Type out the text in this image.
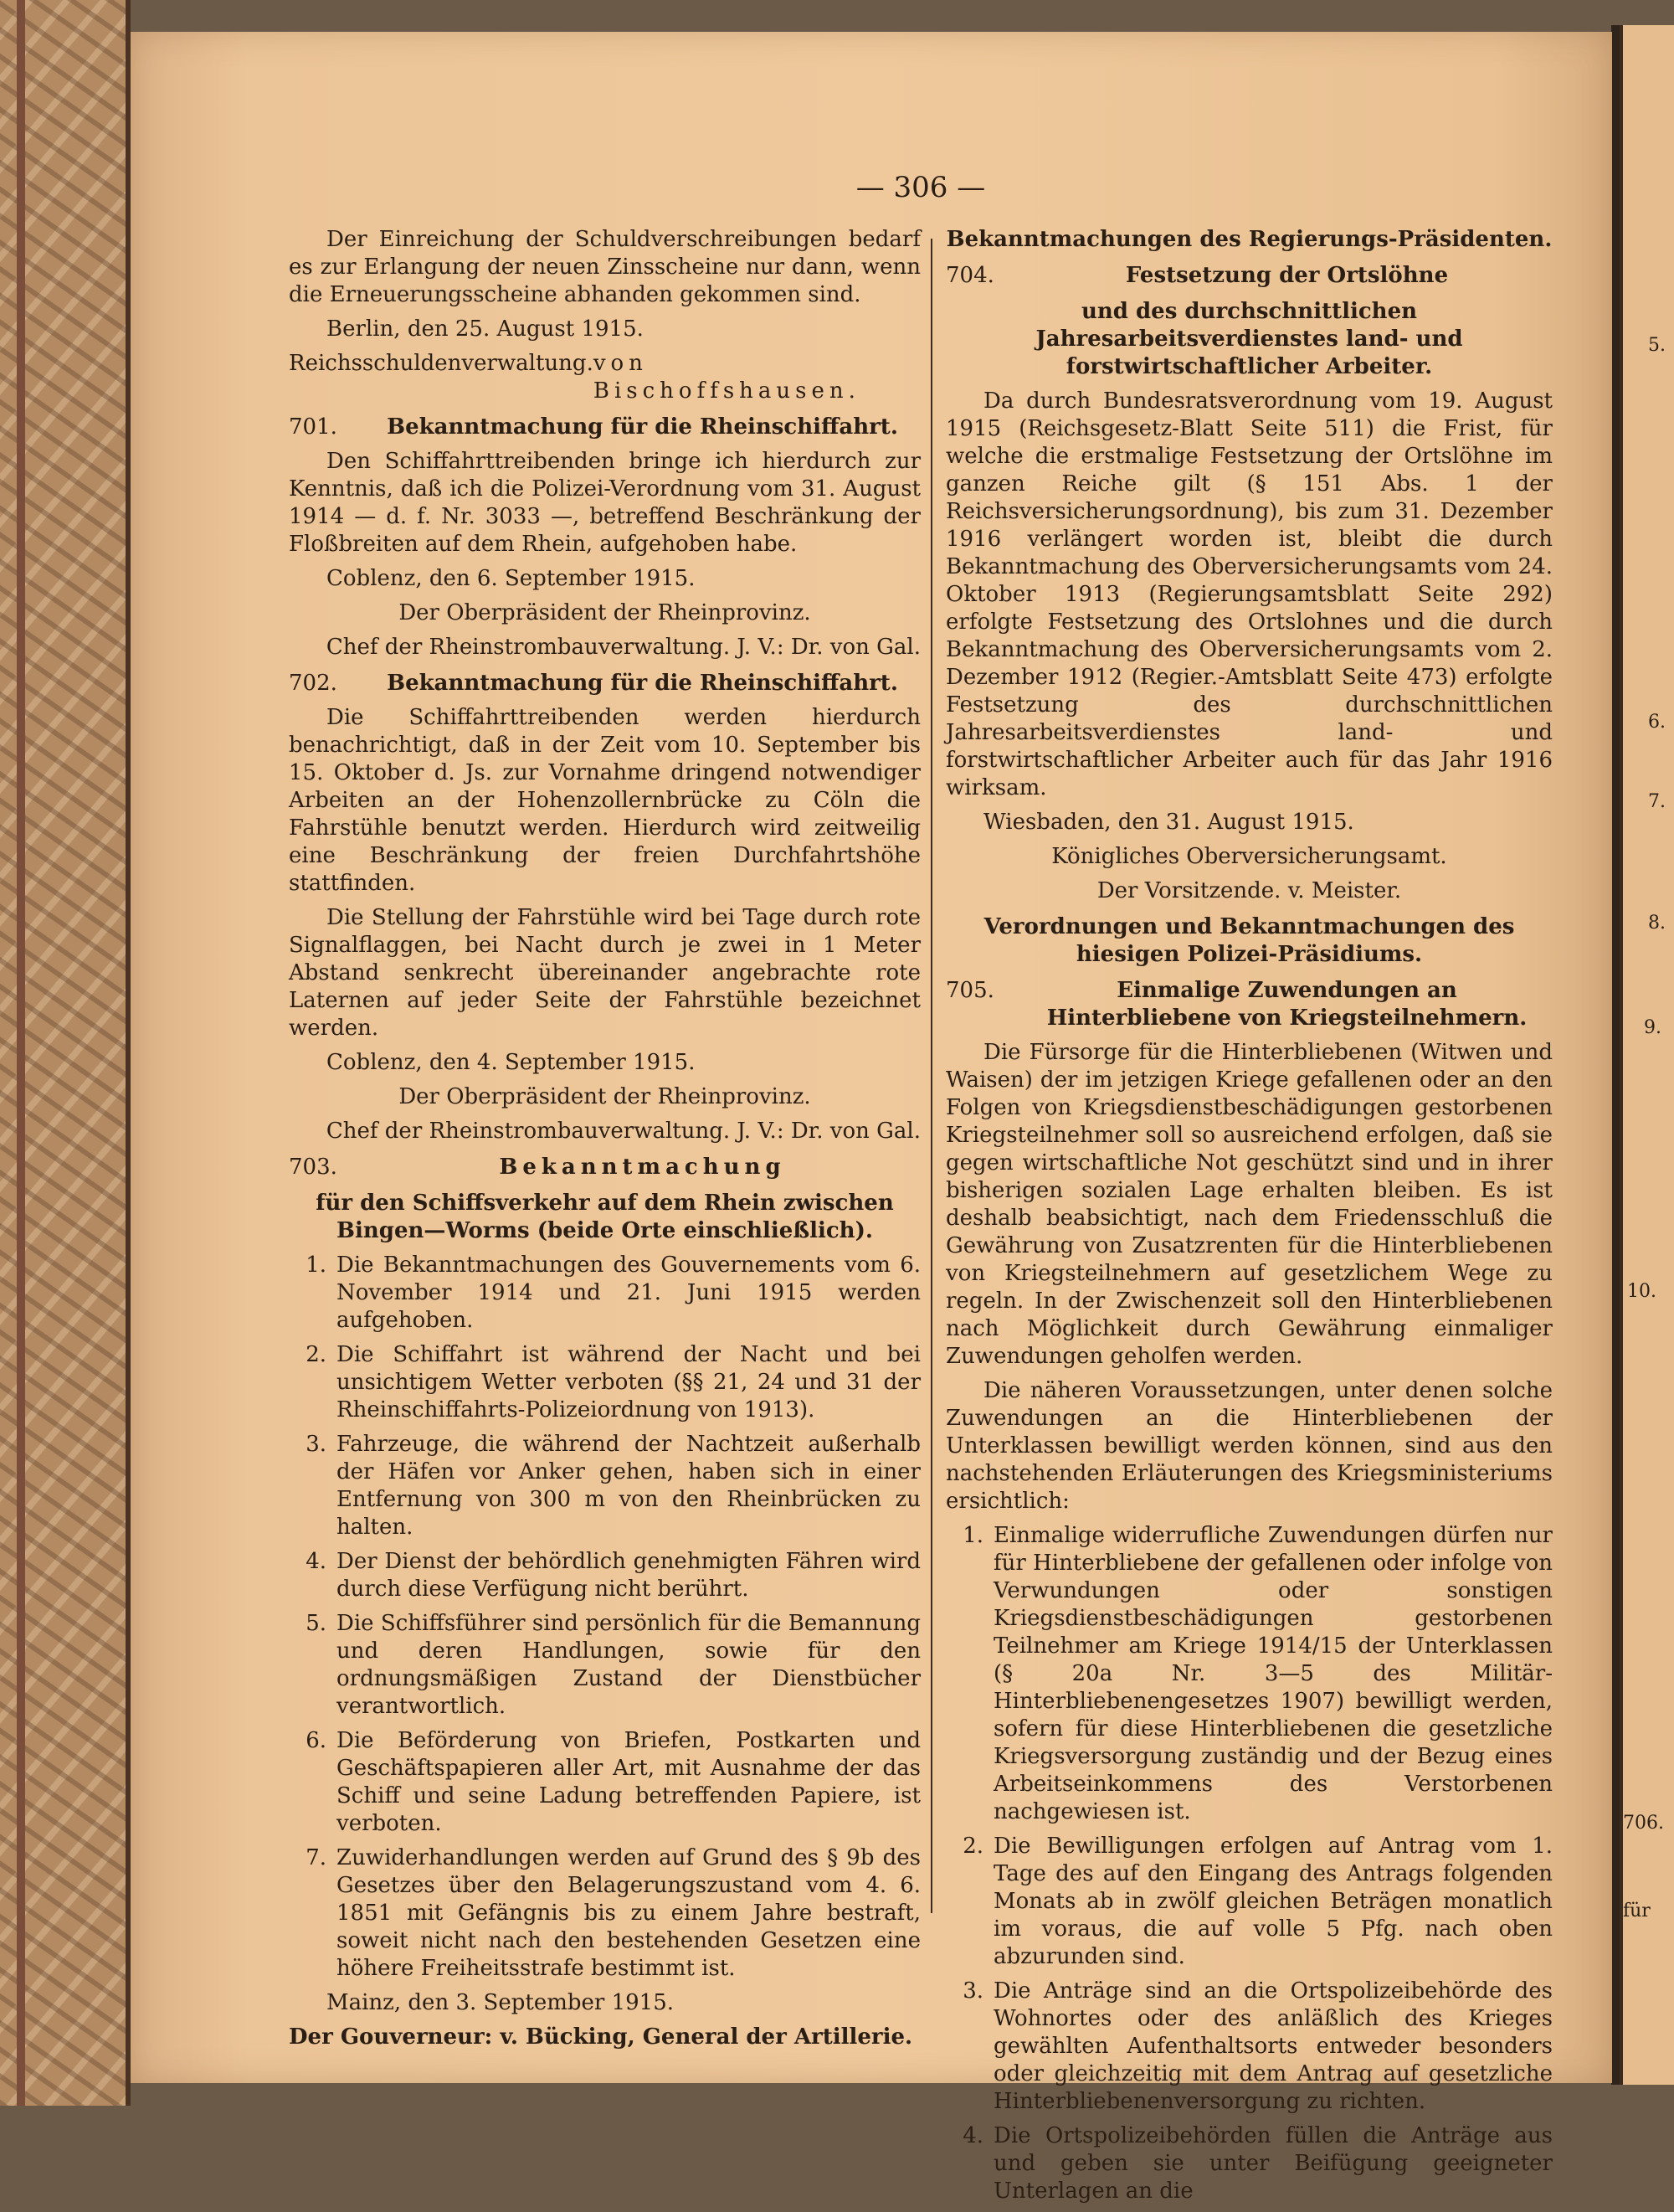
5.
6.
7.
8.
9.
10.
706.
für
— 306 —

Der Einreichung der Schuldverschreibungen bedarf es zur Erlangung der neuen Zinsscheine nur dann, wenn die Erneuerungsscheine abhanden gekommen sind.

Berlin, den 25. August 1915.

Reichsschuldenverwaltung. von Bischoffshausen.
701.	Bekanntmachung für die Rheinschiffahrt.

Den Schiffahrttreibenden bringe ich hierdurch zur Kenntnis, daß ich die Polizei-Verordnung vom 31. August 1914 — d. f. Nr. 3033 —, betreffend Beschränkung der Floßbreiten auf dem Rhein, aufgehoben habe.

Coblenz, den 6. September 1915.

Der Oberpräsident der Rheinprovinz.

Chef der Rheinstrombauverwaltung. J. V.: Dr. von Gal.

702.	Bekanntmachung für die Rheinschiffahrt.

Die Schiffahrttreibenden werden hierdurch benachrichtigt, daß in der Zeit vom 10. September bis 15. Oktober d. Js. zur Vornahme dringend notwendiger Arbeiten an der Hohenzollernbrücke zu Cöln die Fahrstühle benutzt werden. Hierdurch wird zeitweilig eine Beschränkung der freien Durchfahrtshöhe stattfinden.

Die Stellung der Fahrstühle wird bei Tage durch rote Signalflaggen, bei Nacht durch je zwei in 1 Meter Abstand senkrecht übereinander angebrachte rote Laternen auf jeder Seite der Fahrstühle bezeichnet werden.

Coblenz, den 4. September 1915.

Der Oberpräsident der Rheinprovinz.

Chef der Rheinstrombauverwaltung. J. V.: Dr. von Gal.

703.	Bekanntmachung

für den Schiffsverkehr auf dem Rhein zwischen Bingen—Worms (beide Orte einschließlich).

1. Die Bekanntmachungen des Gouvernements vom 6. November 1914 und 21. Juni 1915 werden aufgehoben.
2. Die Schiffahrt ist während der Nacht und bei unsichtigem Wetter verboten (§§ 21, 24 und 31 der Rheinschiffahrts-Polizeiordnung von 1913).
3. Fahrzeuge, die während der Nachtzeit außerhalb der Häfen vor Anker gehen, haben sich in einer Entfernung von 300 m von den Rheinbrücken zu halten.
4. Der Dienst der behördlich genehmigten Fähren wird durch diese Verfügung nicht berührt.
5. Die Schiffsführer sind persönlich für die Bemannung und deren Handlungen, sowie für den ordnungsmäßigen Zustand der Dienstbücher verantwortlich.
6. Die Beförderung von Briefen, Postkarten und Geschäftspapieren aller Art, mit Ausnahme der das Schiff und seine Ladung betreffenden Papiere, ist verboten.
7. Zuwiderhandlungen werden auf Grund des § 9b des Gesetzes über den Belagerungszustand vom 4. 6. 1851 mit Gefängnis bis zu einem Jahre bestraft, soweit nicht nach den bestehenden Gesetzen eine höhere Freiheitsstrafe bestimmt ist.

Mainz, den 3. September 1915.

Der Gouverneur: v. Bücking, General der Artillerie.

Bekanntmachungen des Regierungs-Präsidenten.

704.	Festsetzung der Ortslöhne

und des durchschnittlichen Jahresarbeitsverdienstes land- und forstwirtschaftlicher Arbeiter.

Da durch Bundesratsverordnung vom 19. August 1915 (Reichsgesetz-Blatt Seite 511) die Frist, für welche die erstmalige Festsetzung der Ortslöhne im ganzen Reiche gilt (§ 151 Abs. 1 der Reichsversicherungsordnung), bis zum 31. Dezember 1916 verlängert worden ist, bleibt die durch Bekanntmachung des Oberversicherungsamts vom 24. Oktober 1913 (Regierungsamtsblatt Seite 292) erfolgte Festsetzung des Ortslohnes und die durch Bekanntmachung des Oberversicherungsamts vom 2. Dezember 1912 (Regier.-Amtsblatt Seite 473) erfolgte Festsetzung des durchschnittlichen Jahresarbeitsverdienstes land- und forstwirtschaftlicher Arbeiter auch für das Jahr 1916 wirksam.

Wiesbaden, den 31. August 1915.

Königliches Oberversicherungsamt.

Der Vorsitzende. v. Meister.

Verordnungen und Bekanntmachungen des hiesigen Polizei-Präsidiums.

705.	Einmalige Zuwendungen an Hinterbliebene von Kriegsteilnehmern.

Die Fürsorge für die Hinterbliebenen (Witwen und Waisen) der im jetzigen Kriege gefallenen oder an den Folgen von Kriegsdienstbeschädigungen gestorbenen Kriegsteilnehmer soll so ausreichend erfolgen, daß sie gegen wirtschaftliche Not geschützt sind und in ihrer bisherigen sozialen Lage erhalten bleiben. Es ist deshalb beabsichtigt, nach dem Friedensschluß die Gewährung von Zusatzrenten für die Hinterbliebenen von Kriegsteilnehmern auf gesetzlichem Wege zu regeln. In der Zwischenzeit soll den Hinterbliebenen nach Möglichkeit durch Gewährung einmaliger Zuwendungen geholfen werden.

Die näheren Voraussetzungen, unter denen solche Zuwendungen an die Hinterbliebenen der Unterklassen bewilligt werden können, sind aus den nachstehenden Erläuterungen des Kriegsministeriums ersichtlich:

1. Einmalige widerrufliche Zuwendungen dürfen nur für Hinterbliebene der gefallenen oder infolge von Verwundungen oder sonstigen Kriegsdienstbeschädigungen gestorbenen Teilnehmer am Kriege 1914/15 der Unterklassen (§ 20a Nr. 3—5 des Militär-Hinterbliebenengesetzes 1907) bewilligt werden, sofern für diese Hinterbliebenen die gesetzliche Kriegsversorgung zuständig und der Bezug eines Arbeitseinkommens des Verstorbenen nachgewiesen ist.
2. Die Bewilligungen erfolgen auf Antrag vom 1. Tage des auf den Eingang des Antrags folgenden Monats ab in zwölf gleichen Beträgen monatlich im voraus, die auf volle 5 Pfg. nach oben abzurunden sind.
3. Die Anträge sind an die Ortspolizeibehörde des Wohnortes oder des anläßlich des Krieges gewählten Aufenthaltsorts entweder besonders oder gleichzeitig mit dem Antrag auf gesetzliche Hinterbliebenenversorgung zu richten.
4. Die Ortspolizeibehörden füllen die Anträge aus und geben sie unter Beifügung geeigneter Unterlagen an die
